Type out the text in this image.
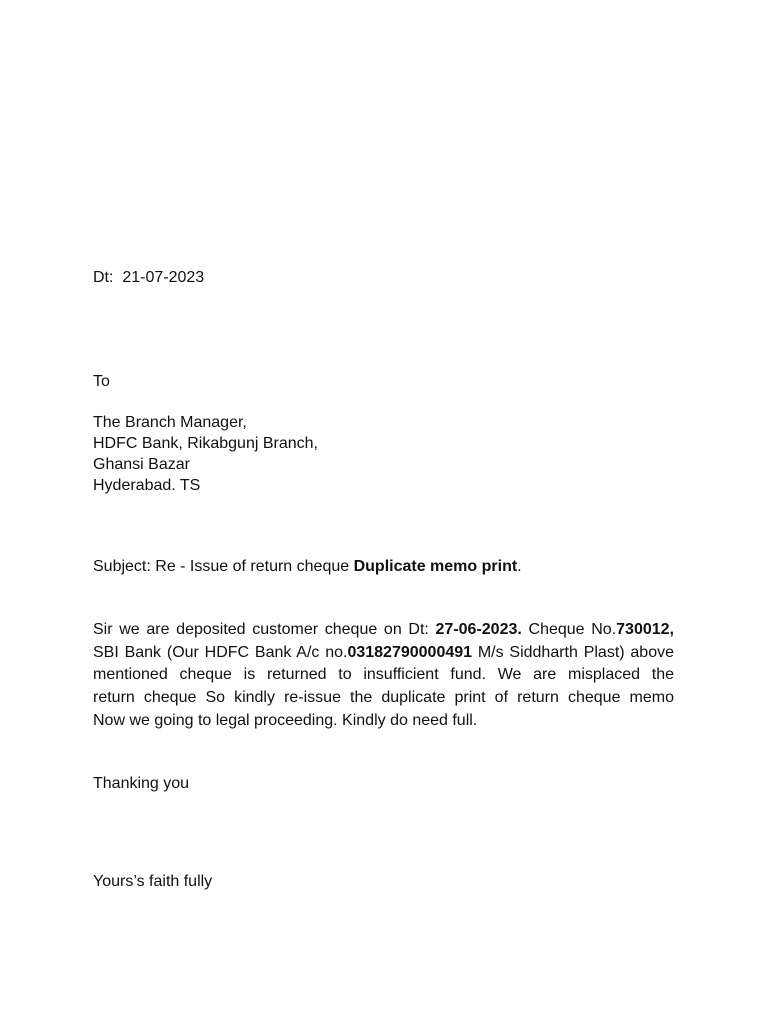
Dt:  21-07-2023
To
The Branch Manager,
HDFC Bank, Rikabgunj Branch,
Ghansi Bazar
Hyderabad. TS
Subject: Re - Issue of return cheque Duplicate memo print.
Sir we are deposited customer cheque on Dt: 27-06-2023. Cheque No.730012,
SBI Bank (Our HDFC Bank A/c no.03182790000491 M/s Siddharth Plast) above
mentioned cheque is returned to insufficient fund. We are misplaced the
return cheque So kindly re-issue the duplicate print of return cheque memo
Now we going to legal proceeding. Kindly do need full.
Thanking you
Yours’s faith fully
